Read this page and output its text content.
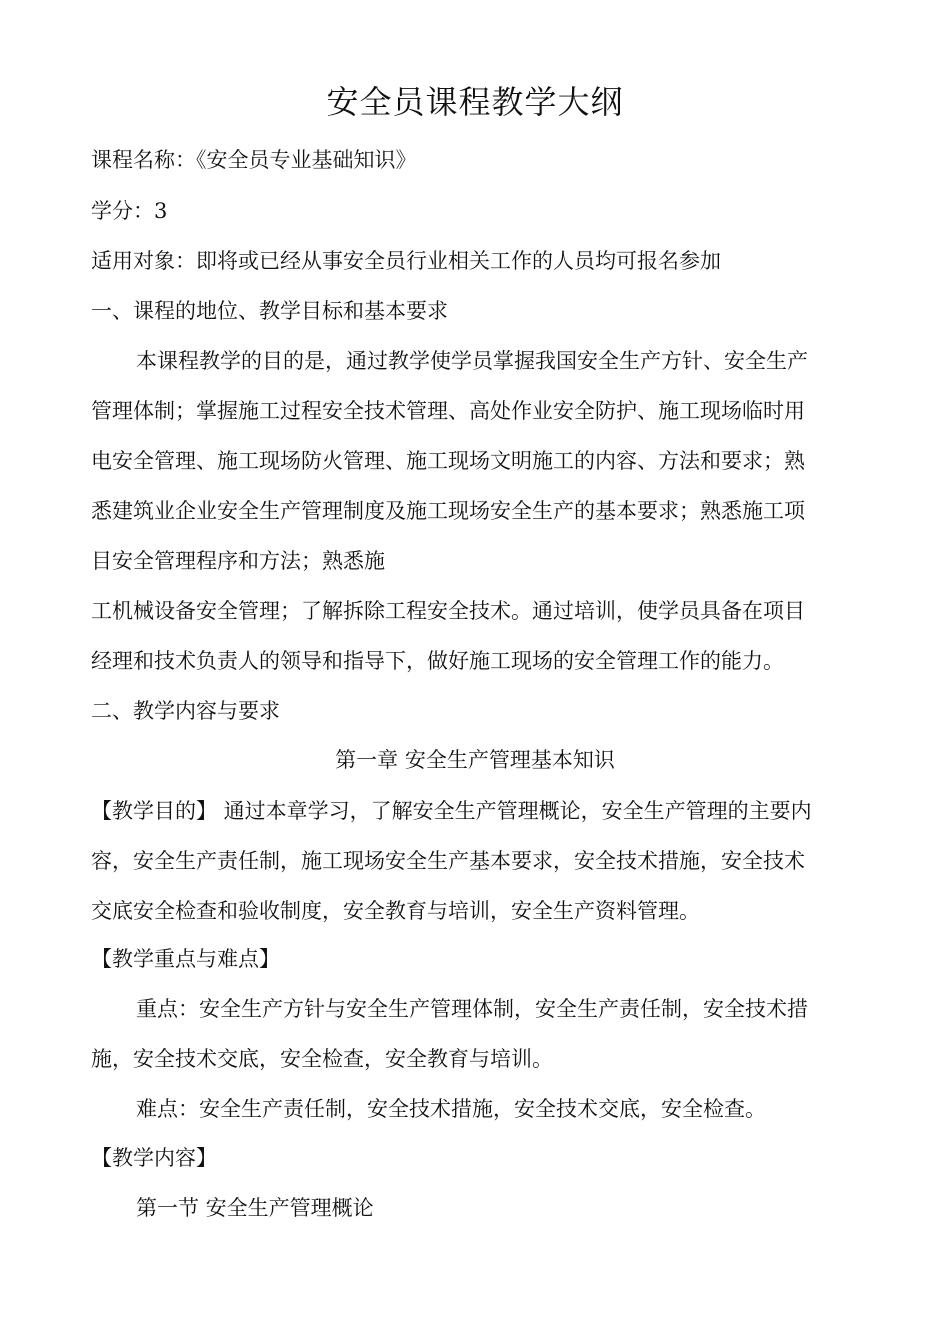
安全员课程教学大纲
课程名称：《安全员专业基础知识》
学分：3
适用对象：即将或已经从事安全员行业相关工作的人员均可报名参加
一、课程的地位、教学目标和基本要求
本课程教学的目的是，通过教学使学员掌握我国安全生产方针、安全生产
管理体制；掌握施工过程安全技术管理、高处作业安全防护、施工现场临时用
电安全管理、施工现场防火管理、施工现场文明施工的内容、方法和要求；熟
悉建筑业企业安全生产管理制度及施工现场安全生产的基本要求；熟悉施工项
目安全管理程序和方法；熟悉施
工机械设备安全管理；了解拆除工程安全技术。通过培训，使学员具备在项目
经理和技术负责人的领导和指导下，做好施工现场的安全管理工作的能力。
二、教学内容与要求
第一章 安全生产管理基本知识
【教学目的】 通过本章学习，了解安全生产管理概论，安全生产管理的主要内
容，安全生产责任制，施工现场安全生产基本要求，安全技术措施，安全技术
交底安全检查和验收制度，安全教育与培训，安全生产资料管理。
【教学重点与难点】
重点：安全生产方针与安全生产管理体制，安全生产责任制，安全技术措
施，安全技术交底，安全检查，安全教育与培训。
难点：安全生产责任制，安全技术措施，安全技术交底，安全检查。
【教学内容】
第一节 安全生产管理概论
